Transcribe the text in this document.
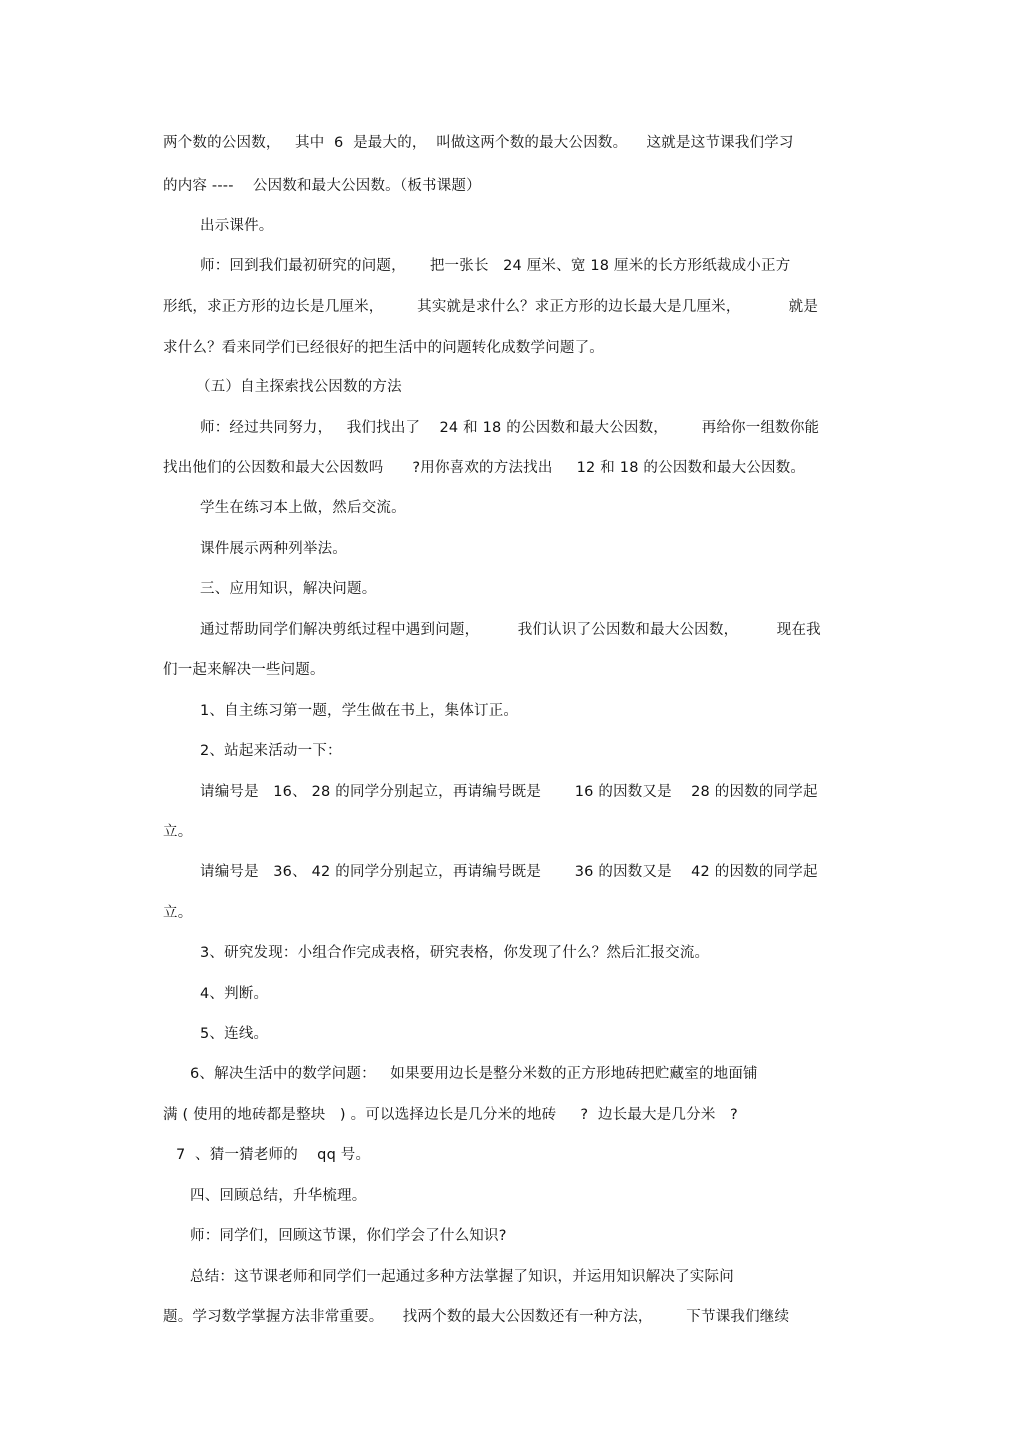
两个数的公因数，   其中  6  是最大的，  叫做这两个数的最大公因数。    这就是这节课我们学习
的内容 ----    公因数和最大公因数。（板书课题）
出示课件。
师：回到我们最初研究的问题，     把一张长   24 厘米、宽 18 厘米的长方形纸裁成小正方
形纸，求正方形的边长是几厘米，       其实就是求什么？求正方形的边长最大是几厘米，          就是
求什么？看来同学们已经很好的把生活中的问题转化成数学问题了。
（五）自主探索找公因数的方法
师：经过共同努力，   我们找出了    24 和 18 的公因数和最大公因数，       再给你一组数你能
找出他们的公因数和最大公因数吗      ?用你喜欢的方法找出     12 和 18 的公因数和最大公因数。
学生在练习本上做，然后交流。
课件展示两种列举法。
三、应用知识，解决问题。
通过帮助同学们解决剪纸过程中遇到问题，        我们认识了公因数和最大公因数，        现在我
们一起来解决一些问题。
1、自主练习第一题，学生做在书上，集体订正。
2、站起来活动一下：
请编号是   16、 28 的同学分别起立，再请编号既是       16 的因数又是    28 的因数的同学起
立。
请编号是   36、 42 的同学分别起立，再请编号既是       36 的因数又是    42 的因数的同学起
立。
3、研究发现：小组合作完成表格，研究表格，你发现了什么？然后汇报交流。
4、判断。
5、连线。
6、解决生活中的数学问题：   如果要用边长是整分米数的正方形地砖把贮藏室的地面铺
满 ( 使用的地砖都是整块   ) 。可以选择边长是几分米的地砖     ?  边长最大是几分米   ?
7  、猜一猜老师的    qq 号。
四、回顾总结，升华梳理。
师：同学们，回顾这节课，你们学会了什么知识?
总结：这节课老师和同学们一起通过多种方法掌握了知识，并运用知识解决了实际问
题。学习数学掌握方法非常重要。    找两个数的最大公因数还有一种方法，       下节课我们继续
